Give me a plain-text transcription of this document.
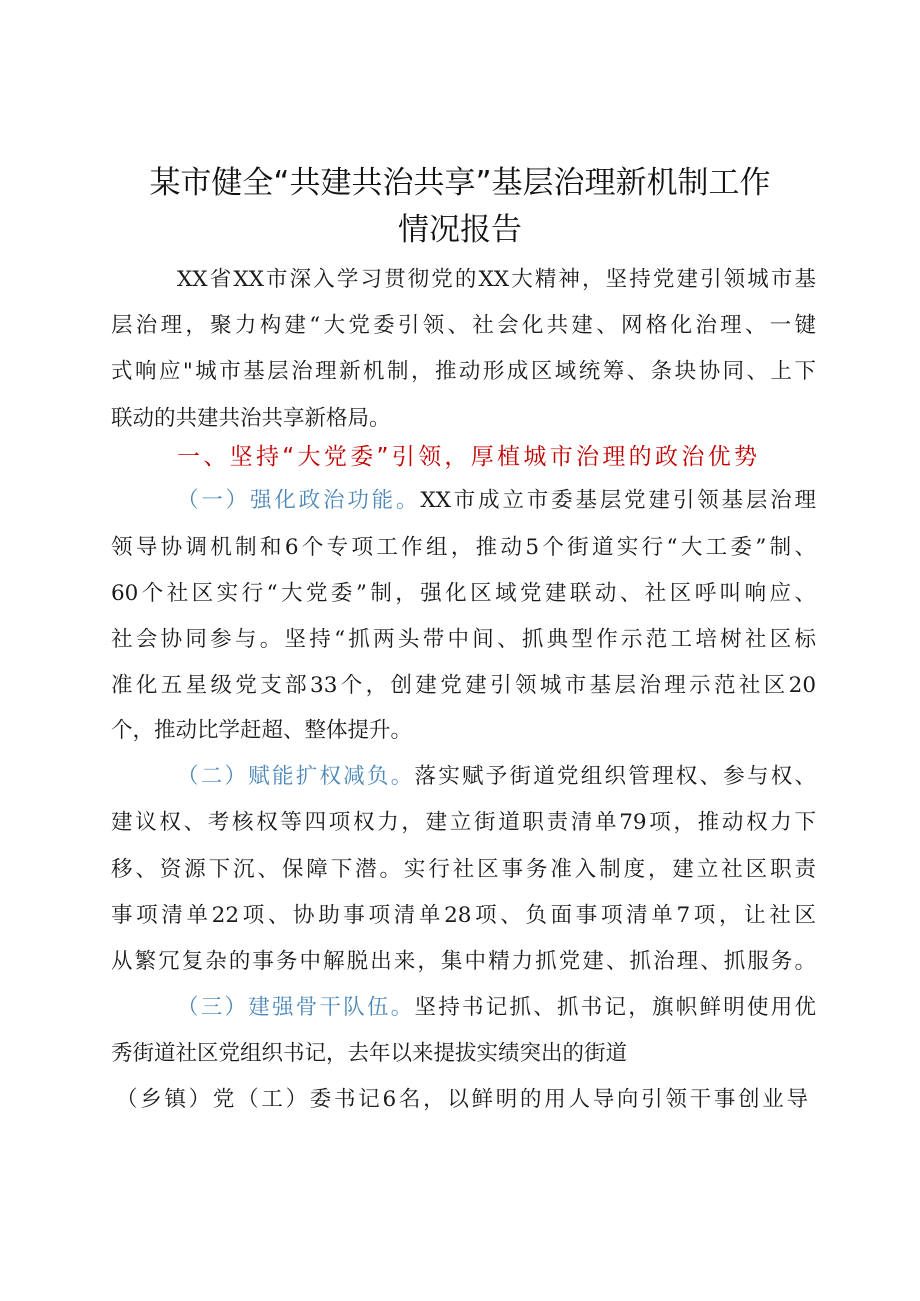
某市健全“共建共治共享”基层治理新机制工作
情况报告
XX省XX市深入学习贯彻党的XX大精神，坚持党建引领城市基
层治理，聚力构建“大党委引领、社会化共建、网格化治理、一键
式响应"城市基层治理新机制，推动形成区域统筹、条块协同、上下
联动的共建共治共享新格局。
一、坚持“大党委”引领，厚植城市治理的政治优势
（一）强化政治功能。XX市成立市委基层党建引领基层治理
领导协调机制和6个专项工作组，推动5个街道实行“大工委”制、
60个社区实行“大党委”制，强化区域党建联动、社区呼叫响应、
社会协同参与。坚持“抓两头带中间、抓典型作示范工培树社区标
准化五星级党支部33个，创建党建引领城市基层治理示范社区20
个，推动比学赶超、整体提升。
（二）赋能扩权减负。落实赋予街道党组织管理权、参与权、
建议权、考核权等四项权力，建立街道职责清单79项，推动权力下
移、资源下沉、保障下潜。实行社区事务准入制度，建立社区职责
事项清单22项、协助事项清单28项、负面事项清单7项，让社区
从繁冗复杂的事务中解脱出来，集中精力抓党建、抓治理、抓服务。
（三）建强骨干队伍。坚持书记抓、抓书记，旗帜鲜明使用优
秀街道社区党组织书记，去年以来提拔实绩突出的街道
（乡镇）党（工）委书记6名，以鲜明的用人导向引领干事创业导
